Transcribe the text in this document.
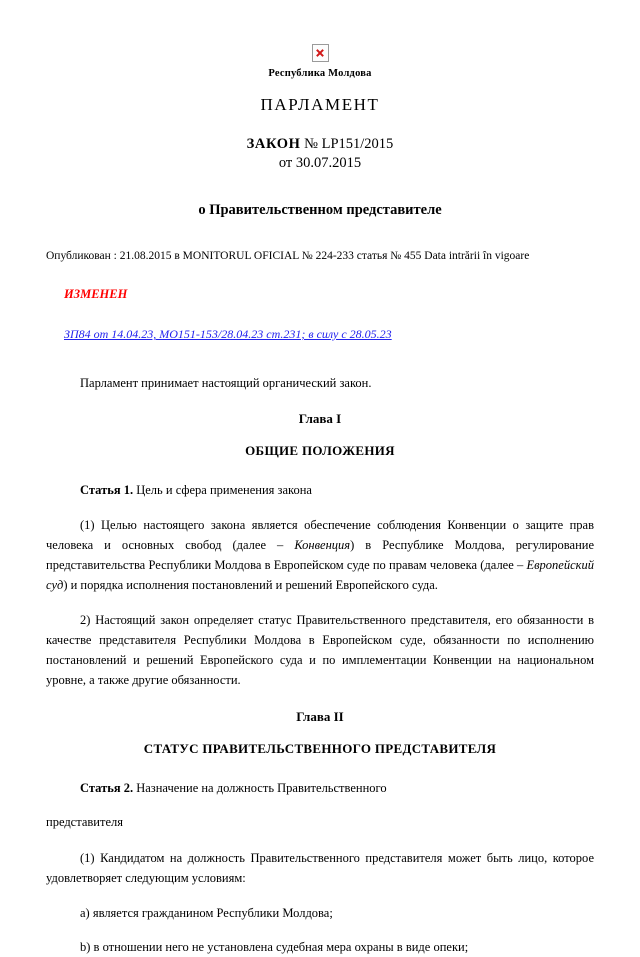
Республика Молдова
ПАРЛАМЕНТ
ЗАКОН № LP151/2015
от 30.07.2015
о Правительственном представителе
Опубликован : 21.08.2015 в MONITORUL OFICIAL № 224-233 статья № 455 Data intrării în vigoare
ИЗМЕНЕН
ЗП84 от 14.04.23, MO151-153/28.04.23 ст.231; в силу с 28.05.23

Парламент принимает настоящий органический закон.

Глава I
ОБЩИЕ ПОЛОЖЕНИЯ
Статья 1. Цель и сфера применения закона

(1) Целью настоящего закона является обеспечение соблюдения Конвенции о защите прав человека и основных свобод (далее – Конвенция) в Республике Молдова, регулирование представительства Республики Молдова в Европейском суде по правам человека (далее – Европейский суд) и порядка исполнения постановлений и решений Европейского суда.

2) Настоящий закон определяет статус Правительственного представителя, его обязанности в качестве представителя Республики Молдова в Европейском суде, обязанности по исполнению постановлений и решений Европейского суда и по имплементации Конвенции на национальном уровне, а также другие обязанности.

Глава II
СТАТУС ПРАВИТЕЛЬСТВЕННОГО ПРЕДСТАВИТЕЛЯ
Статья 2. Назначение на должность Правительственного
представителя

(1) Кандидатом на должность Правительственного представителя может быть лицо, которое удовлетворяет следующим условиям:

a) является гражданином Республики Молдова;
b) в отношении него не установлена судебная мера охраны в виде опеки;
